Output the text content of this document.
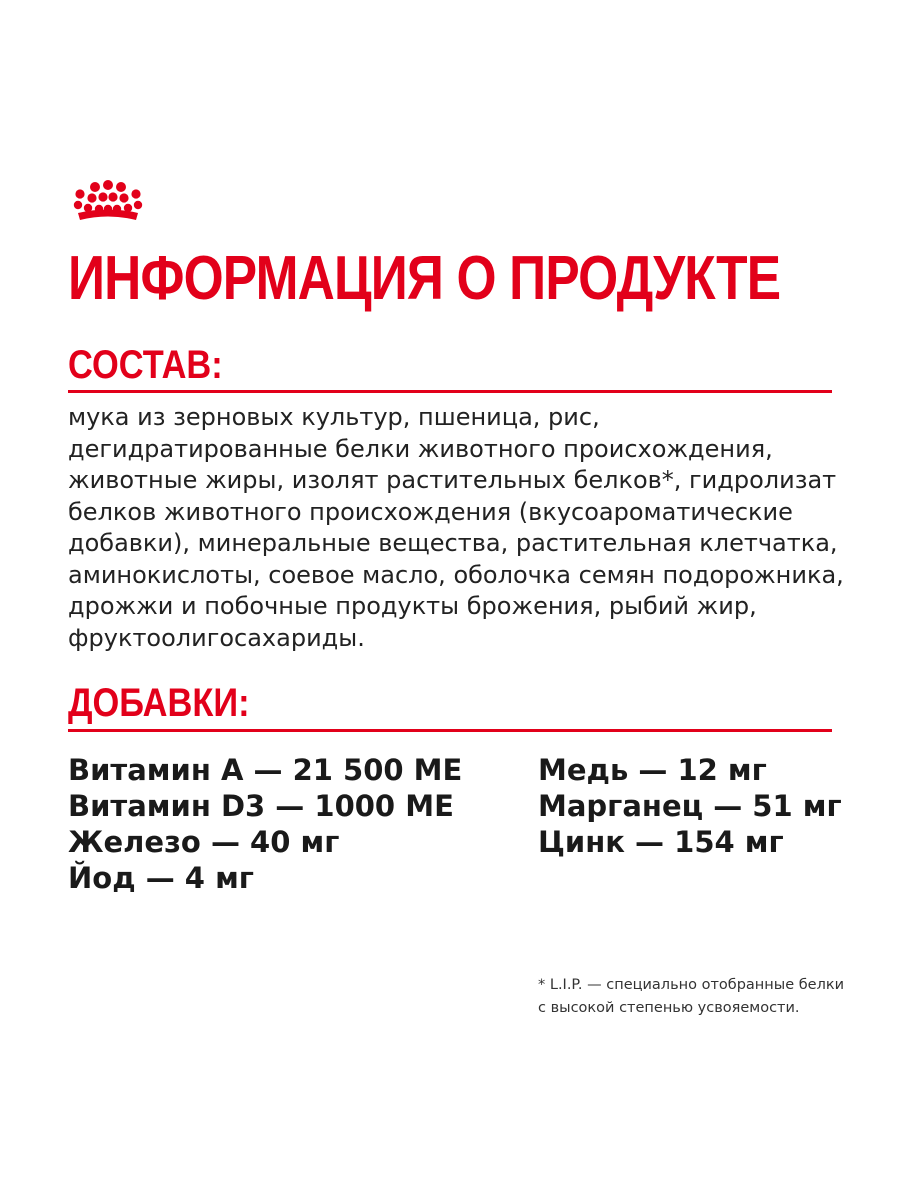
ИНФОРМАЦИЯ О ПРОДУКТЕ
СОСТАВ:
мука из зерновых культур, пшеница, рис,
дегидратированные белки животного происхождения,
животные жиры, изолят растительных белков*, гидролизат
белков животного происхождения (вкусоароматические
добавки), минеральные вещества, растительная клетчатка,
аминокислоты, соевое масло, оболочка семян подорожника,
дрожжи и побочные продукты брожения, рыбий жир,
фруктоолигосахариды.
ДОБАВКИ:
Витамин А — 21 500 МЕ
Витамин D3 — 1000 МЕ
Железо — 40 мг
Йод — 4 мг
Медь — 12 мг
Марганец — 51 мг
Цинк — 154 мг
* L.I.P. — специально отобранные белки
с высокой степенью усвояемости.
